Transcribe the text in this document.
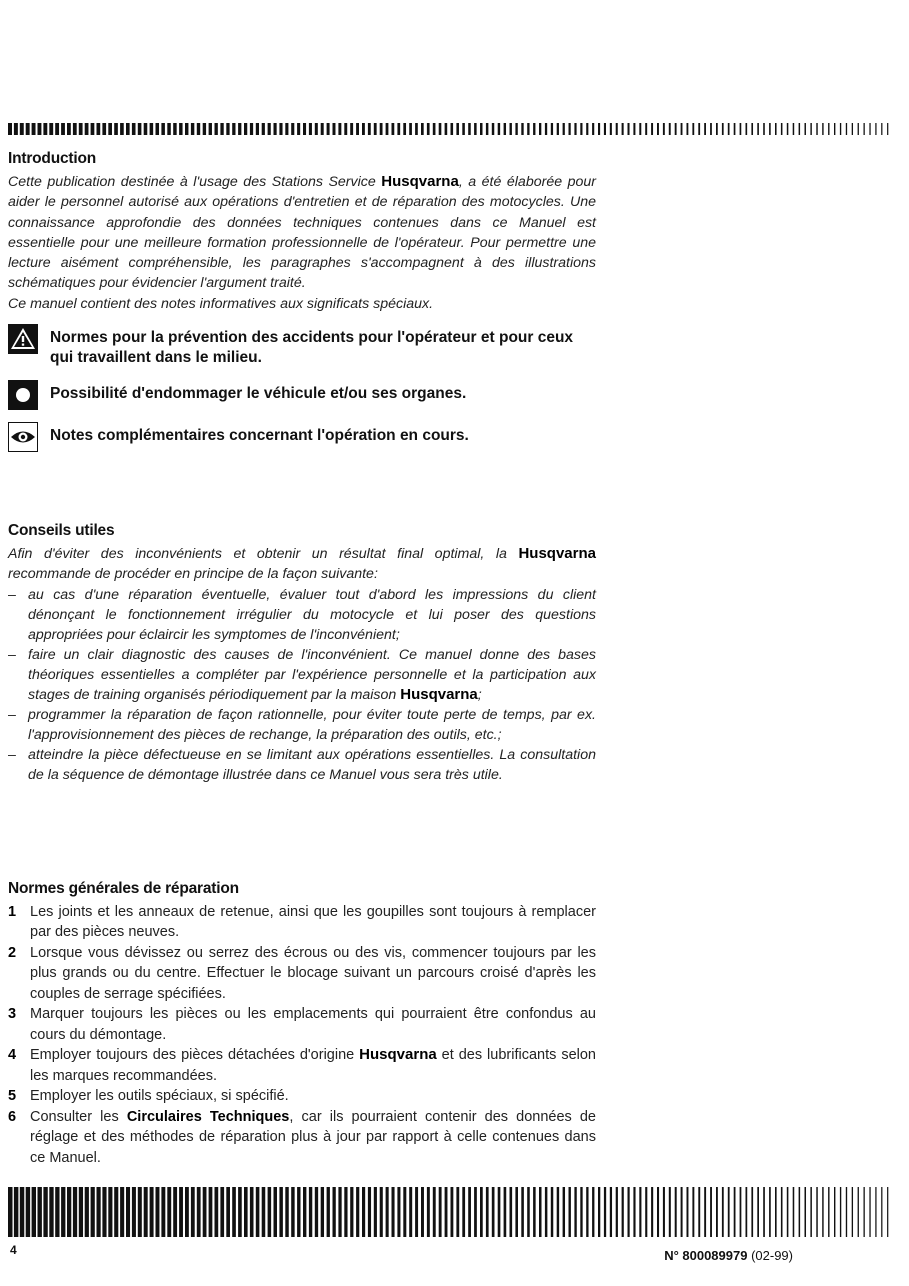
Introduction

Cette publication destinée à l'usage des Stations Service Husqvarna, a été élaborée pour aider le personnel autorisé aux opérations d'entretien et de réparation des motocycles. Une connaissance approfondie des données techniques contenues dans ce Manuel est essentielle pour une meilleure formation professionnelle de l'opérateur. Pour permettre une lecture aisément compréhensible, les paragraphes s'accompagnent à des illustrations schématiques pour évidencier l'argument traité.

Ce manuel contient des notes informatives aux significats spéciaux.

Normes pour la prévention des accidents pour l'opérateur et pour ceux qui travaillent dans le milieu.
Possibilité d'endommager le véhicule et/ou ses organes.
Notes complémentaires concernant l'opération en cours.
Conseils utiles

Afin d'éviter des inconvénients et obtenir un résultat final optimal, la Husqvarna recommande de procéder en principe de la façon suivante:

– au cas d'une réparation éventuelle, évaluer tout d'abord les impressions du client dénonçant le fonctionnement irrégulier du motocycle et lui poser des questions appropriées pour éclaircir les symptomes de l'inconvénient;
– faire un clair diagnostic des causes de l'inconvénient. Ce manuel donne des bases théoriques essentielles a compléter par l'expérience personnelle et la participation aux stages de training organisés périodiquement par la maison Husqvarna;
– programmer la réparation de façon rationnelle, pour éviter toute perte de temps, par ex. l'approvisionnement des pièces de rechange, la préparation des outils, etc.;
– atteindre la pièce défectueuse en se limitant aux opérations essentielles. La consultation de la séquence de démontage illustrée dans ce Manuel vous sera très utile.
Normes générales de réparation
1 Les joints et les anneaux de retenue, ainsi que les goupilles sont toujours à remplacer par des pièces neuves.
2 Lorsque vous dévissez ou serrez des écrous ou des vis, commencer toujours par les plus grands ou du centre. Effectuer le blocage suivant un parcours croisé d'après les couples de serrage spécifiées.
3 Marquer toujours les pièces ou les emplacements qui pourraient être confondus au cours du démontage.
4 Employer toujours des pièces détachées d'origine Husqvarna et des lubrificants selon les marques recommandées.
5 Employer les outils spéciaux, si spécifié.
6 Consulter les Circulaires Techniques, car ils pourraient contenir des données de réglage et des méthodes de réparation plus à jour par rapport à celle contenues dans ce Manuel.
4	N° 800089979 (02-99)
